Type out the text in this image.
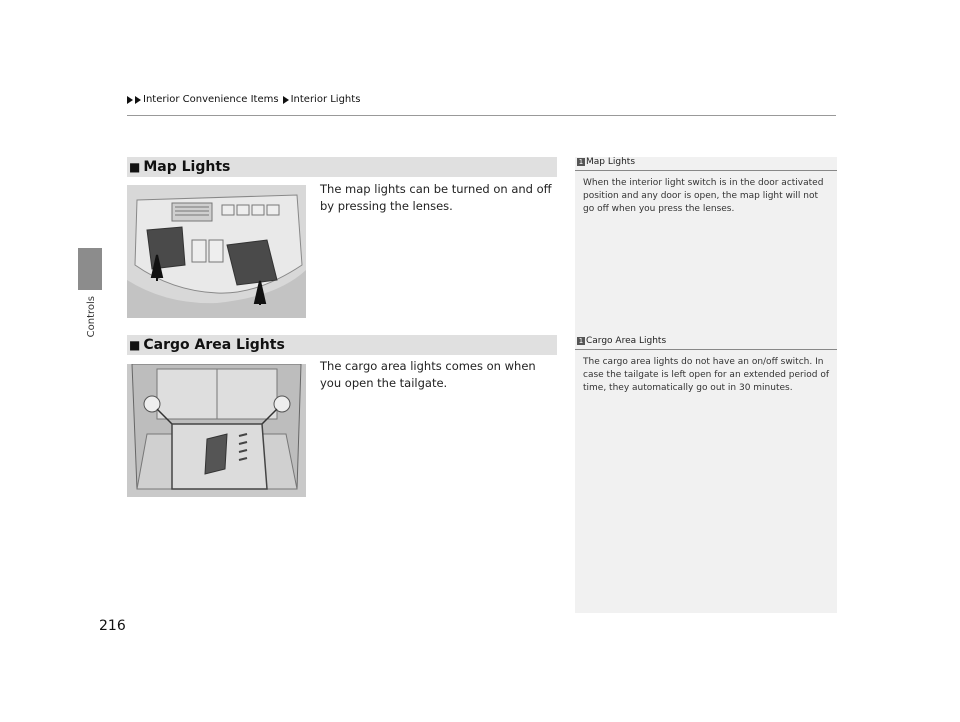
Controls
Interior Convenience Items Interior Lights
■ Map Lights
The map lights can be turned on and off by pressing the lenses.
1 Map Lights
When the interior light switch is in the door activated position and any door is open, the map light will not go off when you press the lenses.
■ Cargo Area Lights
The cargo area lights comes on when you open the tailgate.
1 Cargo Area Lights
The cargo area lights do not have an on/off switch. In case the tailgate is left open for an extended period of time, they automatically go out in 30 minutes.
216
